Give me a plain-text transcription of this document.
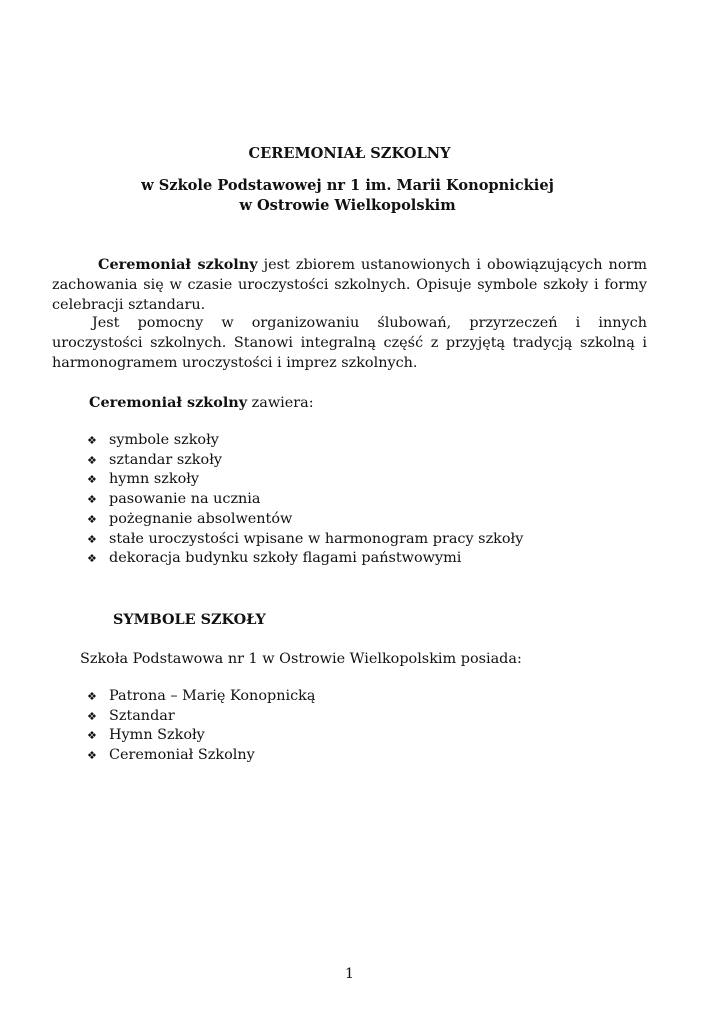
CEREMONIAŁ SZKOLNY
w Szkole Podstawowej nr 1 im. Marii Konopnickiej
w Ostrowie Wielkopolskim

Ceremoniał szkolny jest zbiorem ustanowionych i obowiązujących norm zachowania się w czasie uroczystości szkolnych. Opisuje symbole szkoły i formy celebracji sztandaru.

Jest pomocny w organizowaniu ślubowań, przyrzeczeń i innych uroczystości szkolnych. Stanowi integralną część z przyjętą tradycją szkolną i harmonogramem uroczystości i imprez szkolnych.

Ceremoniał szkolny zawiera:

❖ symbole szkoły
❖ sztandar szkoły
❖ hymn szkoły
❖ pasowanie na ucznia
❖ pożegnanie absolwentów
❖ stałe uroczystości wpisane w harmonogram pracy szkoły
❖ dekoracja budynku szkoły flagami państwowymi
SYMBOLE SZKOŁY

Szkoła Podstawowa nr 1 w Ostrowie Wielkopolskim posiada:

❖ Patrona – Marię Konopnicką
❖ Sztandar
❖ Hymn Szkoły
❖ Ceremoniał Szkolny
1
